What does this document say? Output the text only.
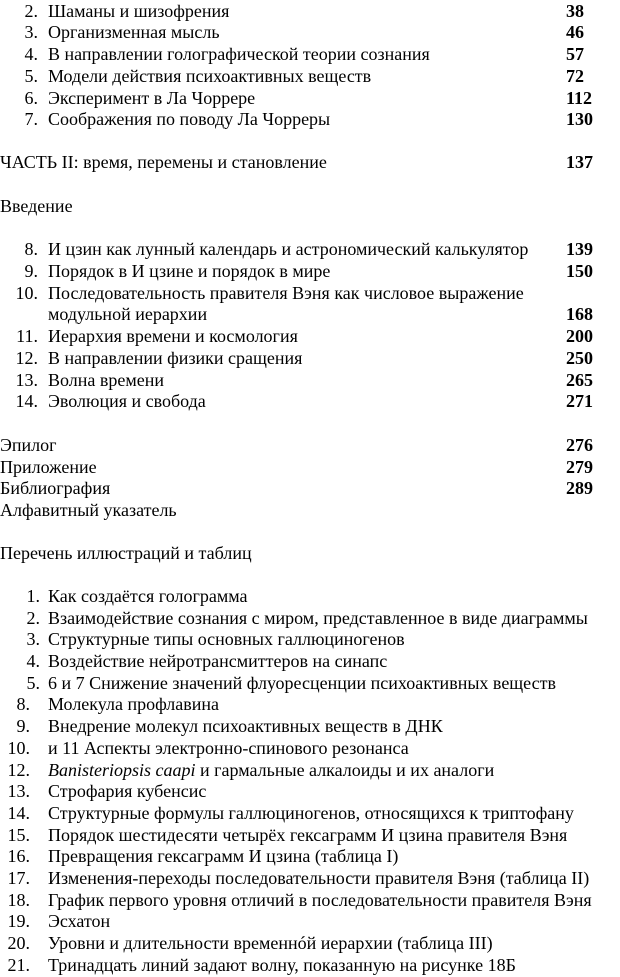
2. Шаманы и шизофрения	38
3. Организменная мысль	46
4. В направлении голографической теории сознания	57
5. Модели действия психоактивных веществ	72
6. Эксперимент в Ла Чоррере	112
7. Соображения по поводу Ла Чорреры	130
ЧАСТЬ II: время, перемены и становление	137
Введение
8. И цзин как лунный календарь и астрономический калькулятор 139
9. Порядок в И цзине и порядок в мире	150
10. Последовательность правителя Вэня как числовое выражение
модульной иерархии	168
11. Иерархия времени и космология	200
12. В направлении физики сращения	250
13. Волна времени	265
14. Эволюция и свобода	271
Эпилог	276
Приложение	279
Библиография	289
Алфавитный указатель
Перечень иллюстраций и таблиц
1. Как создаётся голограмма
2. Взаимодействие сознания с миром, представленное в виде диаграммы
3. Структурные типы основных галлюциногенов
4. Воздействие нейротрансмиттеров на синапс
5. 6 и 7 Снижение значений флуоресценции психоактивных веществ
8. Молекула профлавина
9. Внедрение молекул психоактивных веществ в ДНК
10. и 11 Аспекты электронно-спинового резонанса
12. Banisteriopsis caapi и гармальные алкалоиды и их аналоги
13. Строфария кубенсис
14. Структурные формулы галлюциногенов, относящихся к триптофану
15. Порядок шестидесяти четырёх гексаграмм И цзина правителя Вэня
16. Превращения гексаграмм И цзина (таблица I)
17. Изменения-переходы последовательности правителя Вэня (таблица II)
18. График первого уровня отличий в последовательности правителя Вэня
19. Эсхатон
20. Уровни и длительности временнóй иерархии (таблица III)
21. Тринадцать линий задают волну, показанную на рисунке 18Б
